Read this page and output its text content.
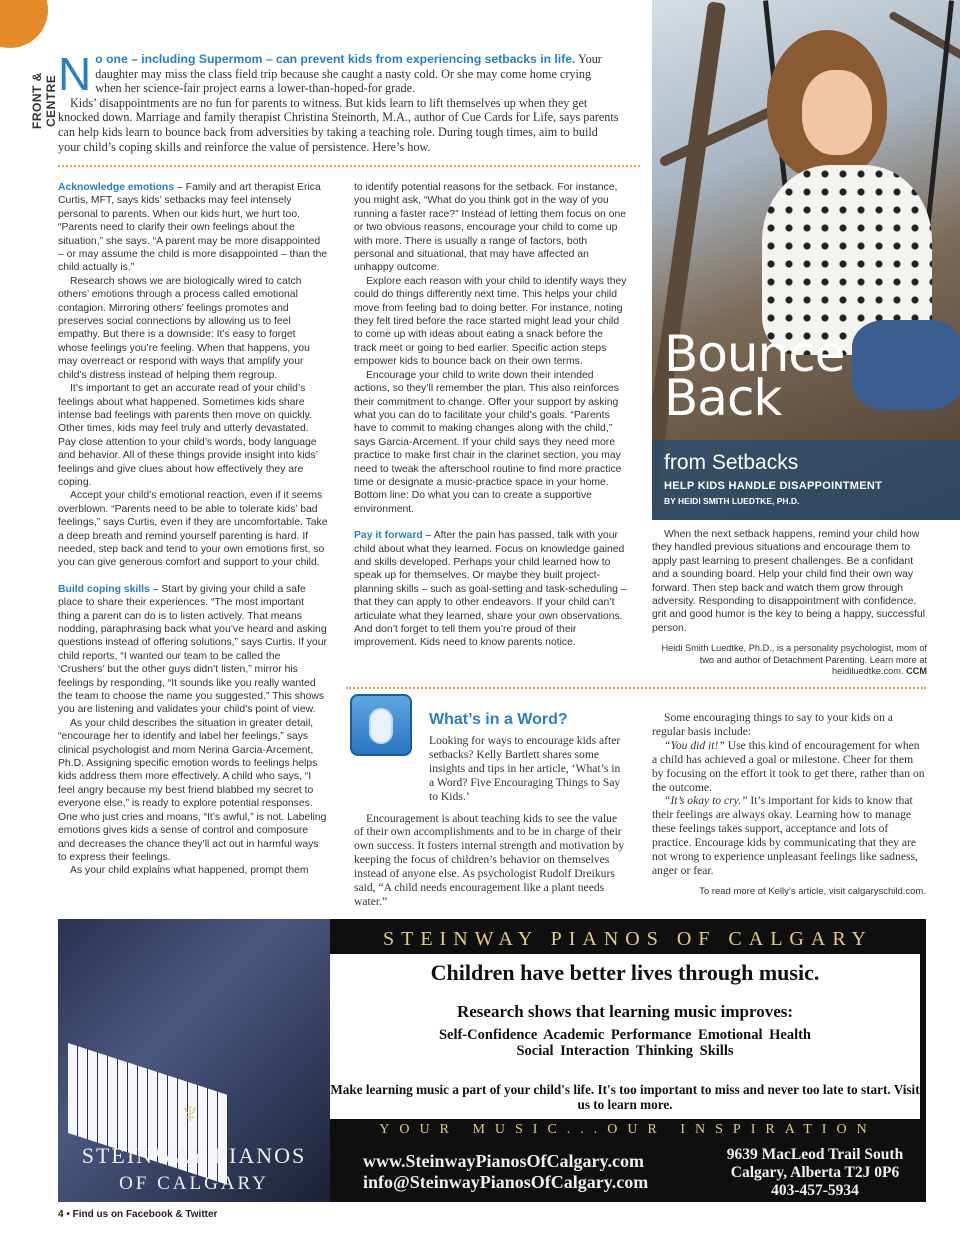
FRONT & CENTRE

No one – including Supermom – can prevent kids from experiencing setbacks in life. Your daughter may miss the class field trip because she caught a nasty cold. Or she may come home crying when her science-fair project earns a lower-than-hoped-for grade.

Kids’ disappointments are no fun for parents to witness. But kids learn to lift themselves up when they get knocked down. Marriage and family therapist Christina Steinorth, M.A., author of Cue Cards for Life, says parents can help kids learn to bounce back from adversities by taking a teaching role. During tough times, aim to build your child’s coping skills and reinforce the value of persistence. Here’s how.

Acknowledge emotions – Family and art therapist Erica Curtis, MFT, says kids’ setbacks may feel intensely personal to parents. When our kids hurt, we hurt too. “Parents need to clarify their own feelings about the situation,” she says. “A parent may be more disappointed – or may assume the child is more disappointed – than the child actually is.”

Research shows we are biologically wired to catch others’ emotions through a process called emotional contagion. Mirroring others’ feelings promotes and preserves social connections by allowing us to feel empathy. But there is a downside: It’s easy to forget whose feelings you’re feeling. When that happens, you may overreact or respond with ways that amplify your child’s distress instead of helping them regroup.

It’s important to get an accurate read of your child’s feelings about what happened. Sometimes kids share intense bad feelings with parents then move on quickly. Other times, kids may feel truly and utterly devastated. Pay close attention to your child’s words, body language and behavior. All of these things provide insight into kids’ feelings and give clues about how effectively they are coping.

Accept your child’s emotional reaction, even if it seems overblown. “Parents need to be able to tolerate kids’ bad feelings,” says Curtis, even if they are uncomfortable. Take a deep breath and remind yourself parenting is hard. If needed, step back and tend to your own emotions first, so you can give generous comfort and support to your child.

Build coping skills – Start by giving your child a safe place to share their experiences. “The most important thing a parent can do is to listen actively. That means nodding, paraphrasing back what you’ve heard and asking questions instead of offering solutions,” says Curtis. If your child reports, “I wanted our team to be called the ‘Crushers’ but the other guys didn’t listen,” mirror his feelings by responding, “It sounds like you really wanted the team to choose the name you suggested.” This shows you are listening and validates your child’s point of view.

As your child describes the situation in greater detail, “encourage her to identify and label her feelings,” says clinical psychologist and mom Nerina Garcia-Arcement, Ph.D. Assigning specific emotion words to feelings helps kids address them more effectively. A child who says, “I feel angry because my best friend blabbed my secret to everyone else,” is ready to explore potential responses. One who just cries and moans, “It’s awful,” is not. Labeling emotions gives kids a sense of control and composure and decreases the chance they’ll act out in harmful ways to express their feelings.

As your child explains what happened, prompt them

to identify potential reasons for the setback. For instance, you might ask, “What do you think got in the way of you running a faster race?” Instead of letting them focus on one or two obvious reasons, encourage your child to come up with more. There is usually a range of factors, both personal and situational, that may have affected an unhappy outcome.

Explore each reason with your child to identify ways they could do things differently next time. This helps your child move from feeling bad to doing better. For instance, noting they felt tired before the race started might lead your child to come up with ideas about eating a snack before the track meet or going to bed earlier. Specific action steps empower kids to bounce back on their own terms.

Encourage your child to write down their intended actions, so they’ll remember the plan. This also reinforces their commitment to change. Offer your support by asking what you can do to facilitate your child’s goals. “Parents have to commit to making changes along with the child,” says Garcia-Arcement. If your child says they need more practice to make first chair in the clarinet section, you may need to tweak the afterschool routine to find more practice time or designate a music-practice space in your home. Bottom line: Do what you can to create a supportive environment.

Pay it forward – After the pain has passed, talk with your child about what they learned. Focus on knowledge gained and skills developed. Perhaps your child learned how to speak up for themselves. Or maybe they built project-planning skills – such as goal-setting and task-scheduling – that they can apply to other endeavors. If your child can’t articulate what they learned, share your own observations. And don’t forget to tell them you’re proud of their improvement. Kids need to know parents notice.

Bounce
Back
from Setbacks
HELP KIDS HANDLE DISAPPOINTMENT
BY HEIDI SMITH LUEDTKE, PH.D.

When the next setback happens, remind your child how they handled previous situations and encourage them to apply past learning to present challenges. Be a confidant and a sounding board. Help your child find their own way forward. Then step back and watch them grow through adversity. Responding to disappointment with confidence, grit and good humor is the key to being a happy, successful person.

Heidi Smith Luedtke, Ph.D., is a personality psychologist, mom of two and author of Detachment Parenting. Learn more at heidiluedtke.com. CCM
What’s in a Word?

Looking for ways to encourage kids after setbacks? Kelly Bartlett shares some insights and tips in her article, ‘What’s in a Word? Five Encouraging Things to Say to Kids.’

Encouragement is about teaching kids to see the value of their own accomplishments and to be in charge of their own success. It fosters internal strength and motivation by keeping the focus of children’s behavior on themselves instead of anyone else. As psychologist Rudolf Dreikurs said, “A child needs encouragement like a plant needs water.”

Some encouraging things to say to your kids on a regular basis include:

“You did it!” Use this kind of encouragement for when a child has achieved a goal or milestone. Cheer for them by focusing on the effort it took to get there, rather than on the outcome.

“It’s okay to cry.” It’s important for kids to know that their feelings are always okay. Learning how to manage these feelings takes support, acceptance and lots of practice. Encourage kids by communicating that they are not wrong to experience unpleasant feelings like sadness, anger or fear.

To read more of Kelly’s article, visit calgaryschild.com.
STEINWAY PIANOS OF CALGARY
Children have better lives through music.
Research shows that learning music improves:
Self-Confidence Academic Performance Emotional Health
Social Interaction Thinking Skills
Make learning music a part of your child's life. It's too important to miss and never too late to start. Visit us to learn more.
YOUR MUSIC...OUR INSPIRATION
♆
STEINWAY PIANOS
OF CALGARY
www.SteinwayPianosOfCalgary.com
info@SteinwayPianosOfCalgary.com
9639 MacLeod Trail South
Calgary, Alberta T2J 0P6
403-457-5934
4 • Find us on Facebook & Twitter
